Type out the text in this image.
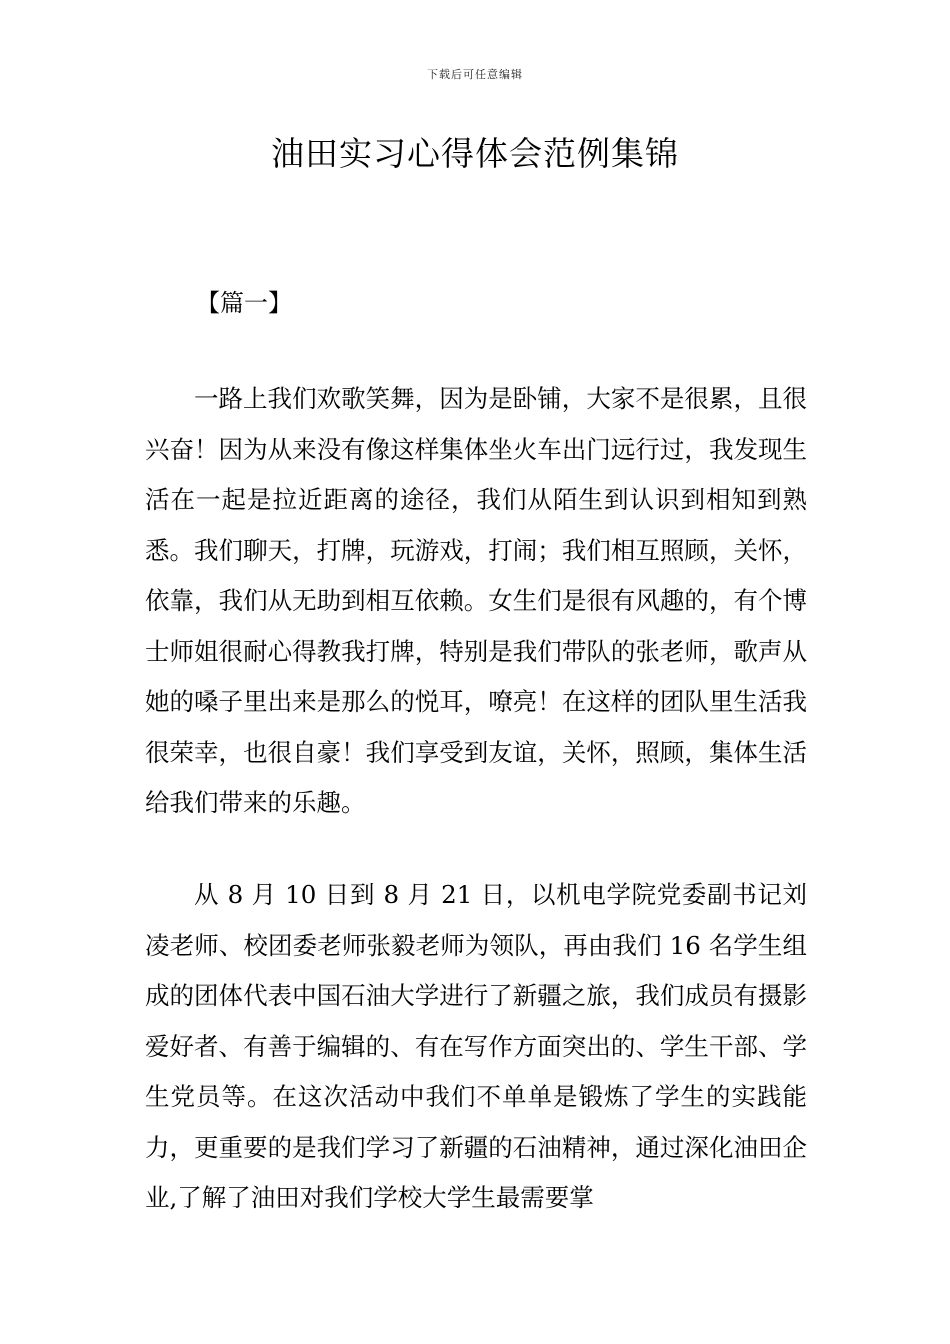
下载后可任意编辑
油田实习心得体会范例集锦
【篇一】

一路上我们欢歌笑舞，因为是卧铺，大家不是很累，且很兴奋！因为从来没有像这样集体坐火车出门远行过，我发现生活在一起是拉近距离的途径，我们从陌生到认识到相知到熟悉。我们聊天，打牌，玩游戏，打闹；我们相互照顾，关怀，依靠，我们从无助到相互依赖。女生们是很有风趣的，有个博士师姐很耐心得教我打牌，特别是我们带队的张老师，歌声从她的嗓子里出来是那么的悦耳，嘹亮！在这样的团队里生活我很荣幸，也很自豪！我们享受到友谊，关怀，照顾，集体生活给我们带来的乐趣。

从 8 月 10 日到 8 月 21 日，以机电学院党委副书记刘凌老师、校团委老师张毅老师为领队，再由我们 16 名学生组成的团体代表中国石油大学进行了新疆之旅，我们成员有摄影爱好者、有善于编辑的、有在写作方面突出的、学生干部、学生党员等。在这次活动中我们不单单是锻炼了学生的实践能力，更重要的是我们学习了新疆的石油精神，通过深化油田企业,了解了油田对我们学校大学生最需要掌
